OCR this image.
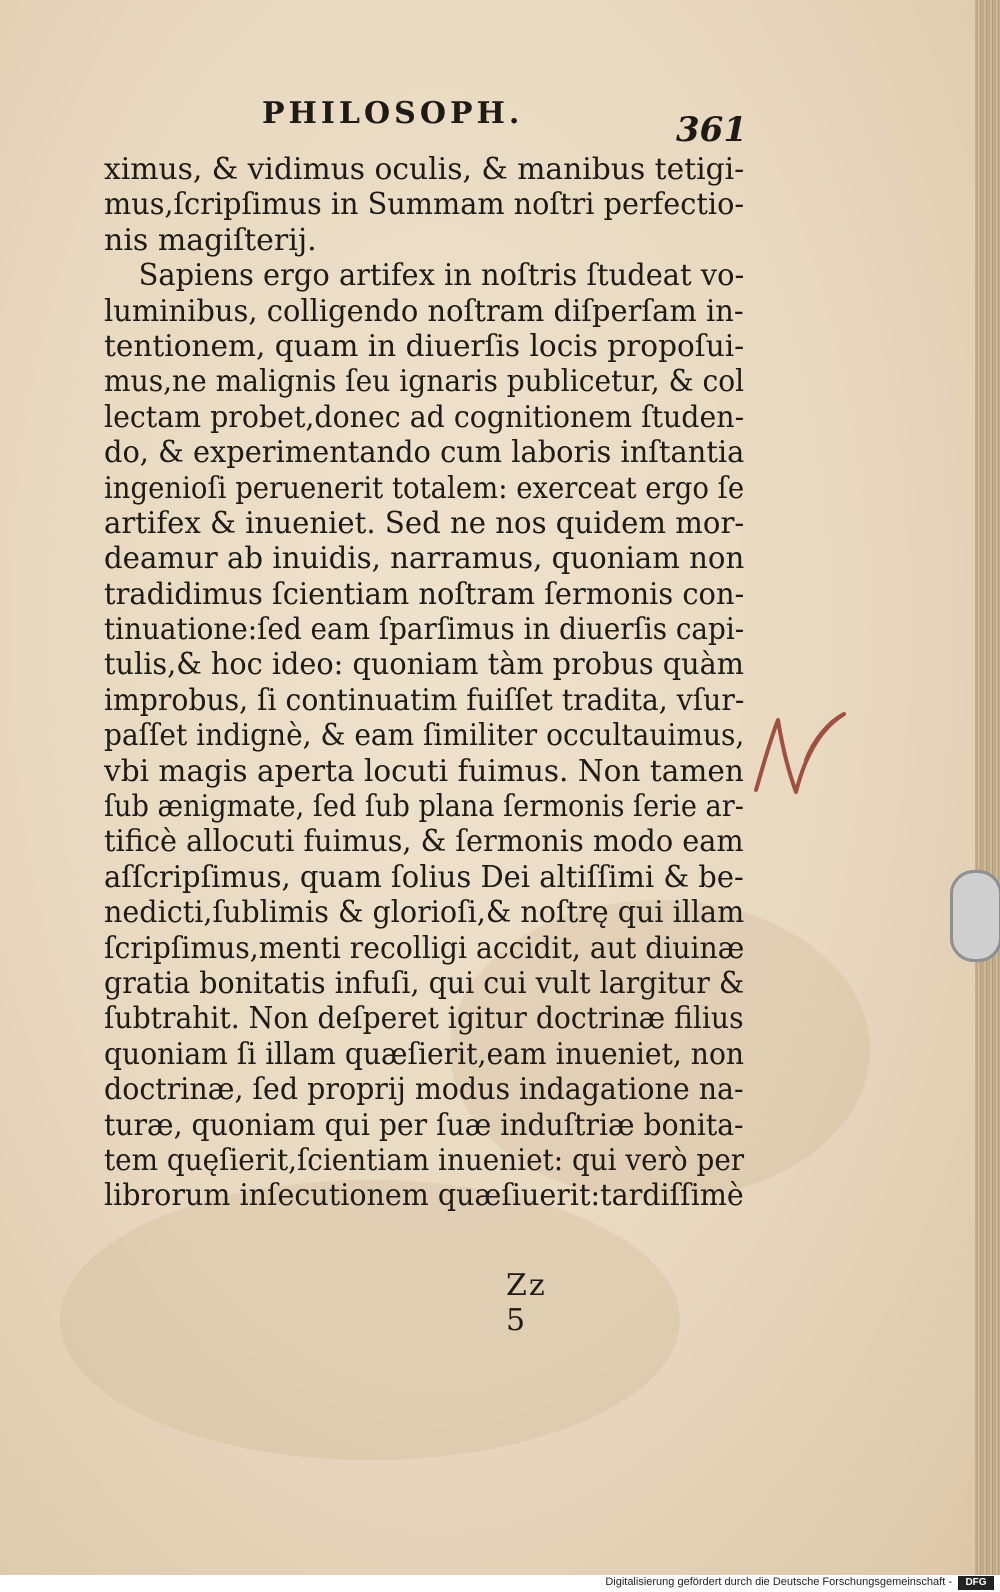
PHILOSOPH.	361
ximus, & vidimus oculis, & manibus tetigi-
mus,ſcripſimus in Summam noſtri perfectio-
nis magiſterij.
Sapiens ergo artifex in noſtris ſtudeat vo-
luminibus, colligendo noſtram diſperſam in-
tentionem, quam in diuerſis locis propoſui-
mus,ne malignis ſeu ignaris publicetur, & col
lectam probet,donec ad cognitionem ſtuden-
do, & experimentando cum laboris inſtantia
ingenioſi peruenerit totalem: exerceat ergo ſe
artifex & inueniet. Sed ne nos quidem mor-
deamur ab inuidis, narramus, quoniam non
tradidimus ſcientiam noſtram ſermonis con-
tinuatione:ſed eam ſparſimus in diuerſis capi-
tulis,& hoc ideo: quoniam tàm probus quàm
improbus, ſi continuatim fuiſſet tradita, vſur-
paſſet indignè, & eam ſimiliter occultauimus,
vbi magis aperta locuti fuimus. Non tamen
ſub ænigmate, ſed ſub plana ſermonis ſerie ar-
tificè allocuti fuimus, & ſermonis modo eam
aſſcripſimus, quam ſolius Dei altiſſimi & be-
nedicti,ſublimis & glorioſi,& noſtrę qui illam
ſcripſimus,menti recolligi accidit, aut diuinæ
gratia bonitatis infuſi, qui cui vult largitur &
ſubtrahit. Non deſperet igitur doctrinæ filius
quoniam ſi illam quæſierit,eam inueniet, non
doctrinæ, ſed proprij modus indagatione na-
turæ, quoniam qui per ſuæ induſtriæ bonita-
tem quęſierit,ſcientiam inueniet: qui verò per
librorum inſecutionem quæſiuerit:tardiſſimè
Zz 5
Digitalisierung gefördert durch die Deutsche Forschungsgemeinschaft -	DFG
